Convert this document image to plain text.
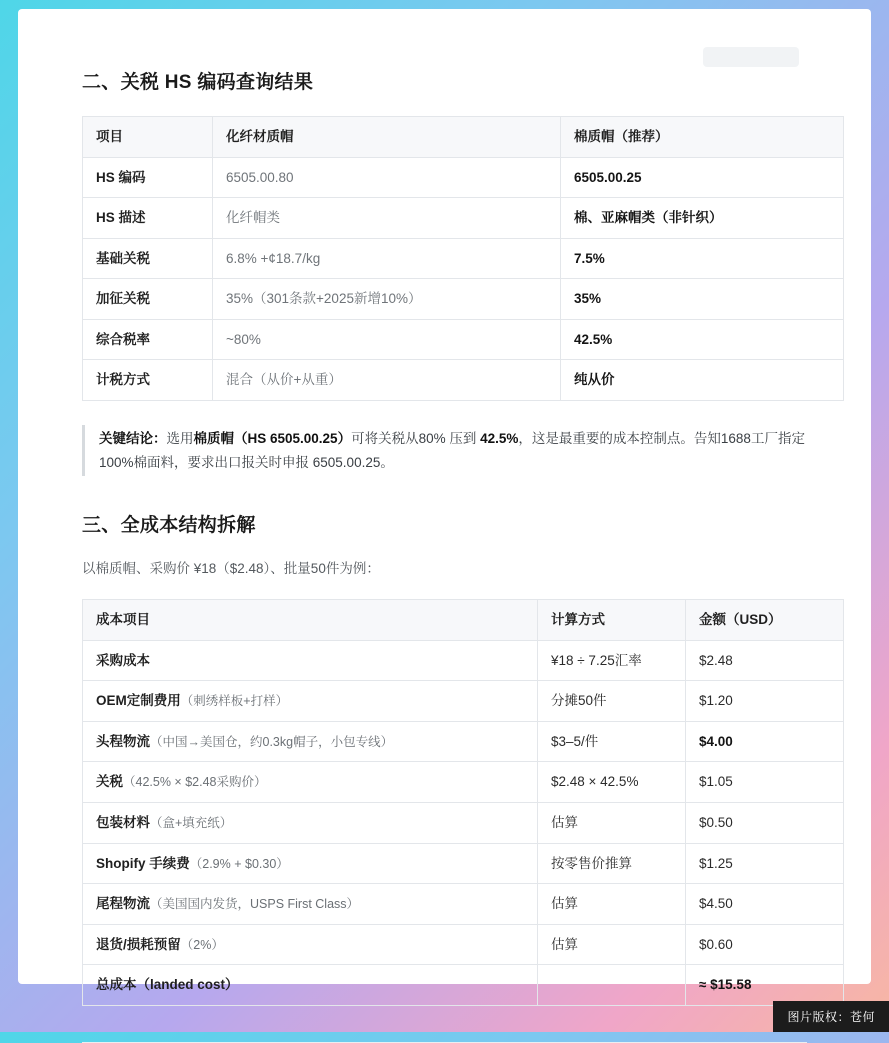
二、关税 HS 编码查询结果
项目	化纤材质帽	棉质帽（推荐）
HS 编码	6505.00.80	6505.00.25
HS 描述	化纤帽类	棉、亚麻帽类（非针织）
基础关税	6.8% +¢18.7/kg	7.5%
加征关税	35%（301条款+2025新增10%）	35%
综合税率	~80%	42.5%
计税方式	混合（从价+从重）	纯从价
关键结论：选用棉质帽（HS 6505.00.25）可将关税从80% 压到 42.5%，这是最重要的成本控制点。告知1688工厂指定100%棉面料，要求出口报关时申报 6505.00.25。
三、全成本结构拆解
以棉质帽、采购价 ¥18（$2.48）、批量50件为例：
成本项目	计算方式	金额（USD）
采购成本	¥18 ÷ 7.25汇率	$2.48
OEM定制费用（刺绣样板+打样）	分摊50件	$1.20
头程物流（中国→美国仓，约0.3kg帽子，小包专线）	$3–5/件	$4.00
关税（42.5% × $2.48采购价）	$2.48 × 42.5%	$1.05
包装材料（盒+填充纸）	估算	$0.50
Shopify 手续费（2.9% + $0.30）	按零售价推算	$1.25
尾程物流（美国国内发货，USPS First Class）	估算	$4.50
退货/损耗预留（2%）	估算	$0.60
总成本（landed cost）		≈ $15.58
图片版权：苍何
